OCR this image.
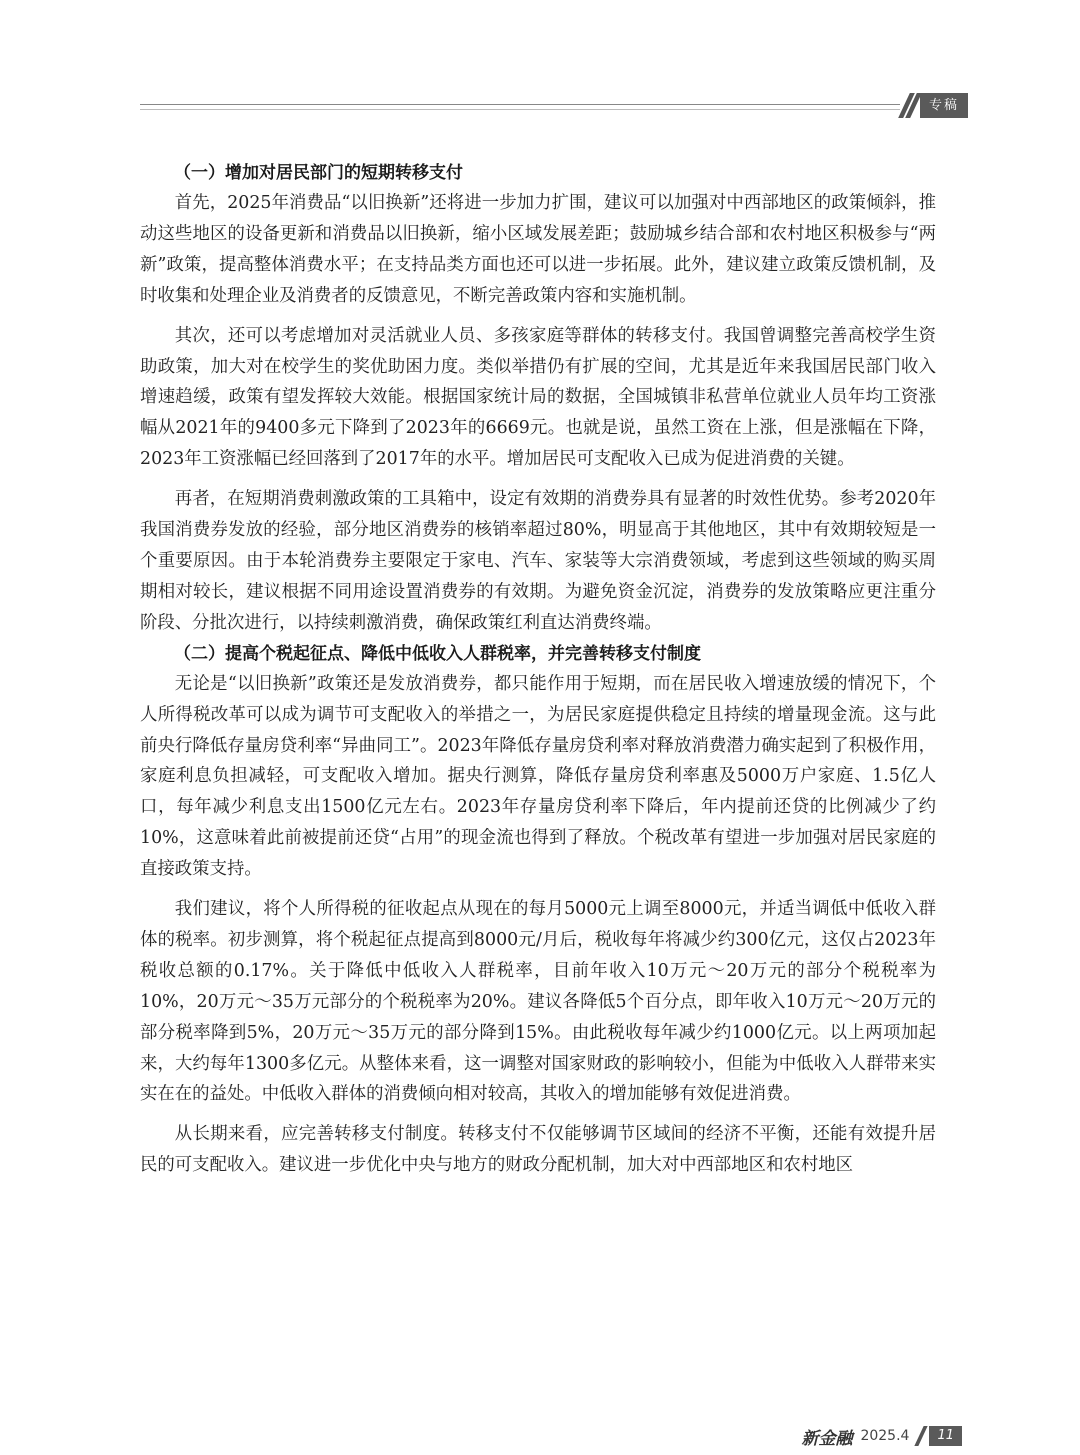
专稿

（一）增加对居民部门的短期转移支付

首先，2025年消费品“以旧换新”还将进一步加力扩围，建议可以加强对中西部地区的政策倾斜，推动这些地区的设备更新和消费品以旧换新，缩小区域发展差距；鼓励城乡结合部和农村地区积极参与“两新”政策，提高整体消费水平；在支持品类方面也还可以进一步拓展。此外，建议建立政策反馈机制，及时收集和处理企业及消费者的反馈意见，不断完善政策内容和实施机制。

其次，还可以考虑增加对灵活就业人员、多孩家庭等群体的转移支付。我国曾调整完善高校学生资助政策，加大对在校学生的奖优助困力度。类似举措仍有扩展的空间，尤其是近年来我国居民部门收入增速趋缓，政策有望发挥较大效能。根据国家统计局的数据，全国城镇非私营单位就业人员年均工资涨幅从2021年的9400多元下降到了2023年的6669元。也就是说，虽然工资在上涨，但是涨幅在下降，2023年工资涨幅已经回落到了2017年的水平。增加居民可支配收入已成为促进消费的关键。

再者，在短期消费刺激政策的工具箱中，设定有效期的消费券具有显著的时效性优势。参考2020年我国消费券发放的经验，部分地区消费券的核销率超过80%，明显高于其他地区，其中有效期较短是一个重要原因。由于本轮消费券主要限定于家电、汽车、家装等大宗消费领域，考虑到这些领域的购买周期相对较长，建议根据不同用途设置消费券的有效期。为避免资金沉淀，消费券的发放策略应更注重分阶段、分批次进行，以持续刺激消费，确保政策红利直达消费终端。

（二）提高个税起征点、降低中低收入人群税率，并完善转移支付制度

无论是“以旧换新”政策还是发放消费券，都只能作用于短期，而在居民收入增速放缓的情况下，个人所得税改革可以成为调节可支配收入的举措之一，为居民家庭提供稳定且持续的增量现金流。这与此前央行降低存量房贷利率“异曲同工”。2023年降低存量房贷利率对释放消费潜力确实起到了积极作用，家庭利息负担减轻，可支配收入增加。据央行测算，降低存量房贷利率惠及5000万户家庭、1.5亿人口，每年减少利息支出1500亿元左右。2023年存量房贷利率下降后，年内提前还贷的比例减少了约10%，这意味着此前被提前还贷“占用”的现金流也得到了释放。个税改革有望进一步加强对居民家庭的直接政策支持。

我们建议，将个人所得税的征收起点从现在的每月5000元上调至8000元，并适当调低中低收入群体的税率。初步测算，将个税起征点提高到8000元/月后，税收每年将减少约300亿元，这仅占2023年税收总额的0.17%。关于降低中低收入人群税率，目前年收入10万元～20万元的部分个税税率为10%，20万元～35万元部分的个税税率为20%。建议各降低5个百分点，即年收入10万元～20万元的部分税率降到5%，20万元～35万元的部分降到15%。由此税收每年减少约1000亿元。以上两项加起来，大约每年1300多亿元。从整体来看，这一调整对国家财政的影响较小，但能为中低收入人群带来实实在在的益处。中低收入群体的消费倾向相对较高，其收入的增加能够有效促进消费。

从长期来看，应完善转移支付制度。转移支付不仅能够调节区域间的经济不平衡，还能有效提升居民的可支配收入。建议进一步优化中央与地方的财政分配机制，加大对中西部地区和农村地区

新金融 2025.4	11
